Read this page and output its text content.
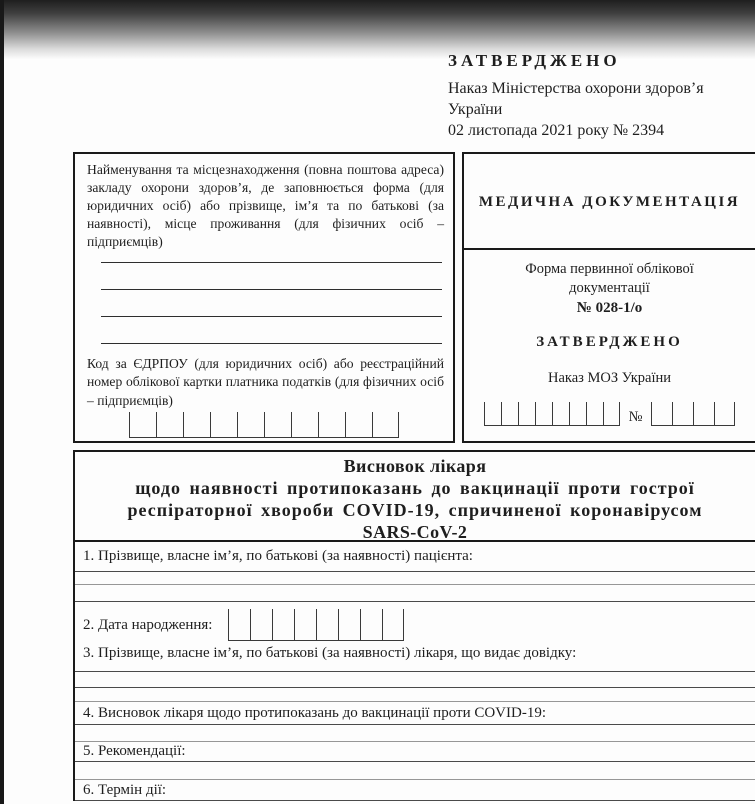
ЗАТВЕРДЖЕНО
Наказ Міністерства охорони здоров’я
України
02 листопада 2021 року № 2394

Найменування та місцезнаходження (повна поштова адреса) закладу охорони здоров’я, де заповнюється форма (для юридичних осіб) або прізвище, ім’я та по батькові (за наявності), місце проживання (для фізичних осіб – підприємців)

Код за ЄДРПОУ (для юридичних осіб) або реєстраційний номер облікової картки платника податків (для фізичних осіб – підприємців)

МЕДИЧНА ДОКУМЕНТАЦІЯ
Форма первинної облікової
документації
№ 028-1/о
ЗАТВЕРДЖЕНО
Наказ МОЗ України
№
Висновок лікаря
щодо наявності протипоказань до вакцинації проти гострої
респіраторної хвороби COVID-19, спричиненої коронавірусом
SARS-CoV-2
1. Прізвище, власне ім’я, по батькові (за наявності) пацієнта:
2. Дата народження:
3. Прізвище, власне ім’я, по батькові (за наявності) лікаря, що видає довідку:
4. Висновок лікаря щодо протипоказань до вакцинації проти COVID-19:
5. Рекомендації:
6. Термін дії:
